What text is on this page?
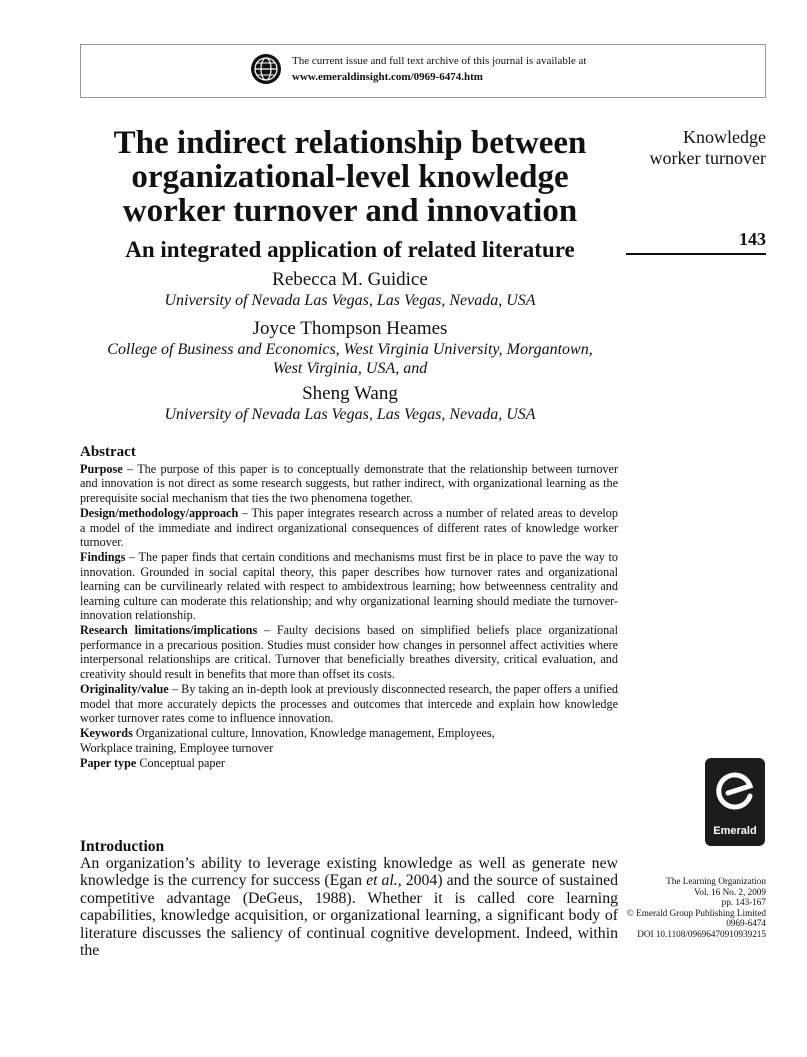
The current issue and full text archive of this journal is available at
www.emeraldinsight.com/0969-6474.htm
The indirect relationship between
organizational-level knowledge
worker turnover and innovation
An integrated application of related literature
Rebecca M. Guidice
University of Nevada Las Vegas, Las Vegas, Nevada, USA
Joyce Thompson Heames
College of Business and Economics, West Virginia University, Morgantown,
West Virginia, USA, and
Sheng Wang
University of Nevada Las Vegas, Las Vegas, Nevada, USA
Abstract

Purpose – The purpose of this paper is to conceptually demonstrate that the relationship between turnover and innovation is not direct as some research suggests, but rather indirect, with organizational learning as the prerequisite social mechanism that ties the two phenomena together.

Design/methodology/approach – This paper integrates research across a number of related areas to develop a model of the immediate and indirect organizational consequences of different rates of knowledge worker turnover.

Findings – The paper finds that certain conditions and mechanisms must first be in place to pave the way to innovation. Grounded in social capital theory, this paper describes how turnover rates and organizational learning can be curvilinearly related with respect to ambidextrous learning; how betweenness centrality and learning culture can moderate this relationship; and why organizational learning should mediate the turnover-innovation relationship.

Research limitations/implications – Faulty decisions based on simplified beliefs place organizational performance in a precarious position. Studies must consider how changes in personnel affect activities where interpersonal relationships are critical. Turnover that beneficially breathes diversity, critical evaluation, and creativity should result in benefits that more than offset its costs.

Originality/value – By taking an in-depth look at previously disconnected research, the paper offers a unified model that more accurately depicts the processes and outcomes that intercede and explain how knowledge worker turnover rates come to influence innovation.

Keywords Organizational culture, Innovation, Knowledge management, Employees,
Workplace training, Employee turnover

Paper type Conceptual paper

Introduction

An organization’s ability to leverage existing knowledge as well as generate new knowledge is the currency for success (Egan et al., 2004) and the source of sustained competitive advantage (DeGeus, 1988). Whether it is called core learning capabilities, knowledge acquisition, or organizational learning, a significant body of literature discusses the saliency of continual cognitive development. Indeed, within the

Knowledge
worker turnover
143
Emerald
The Learning Organization
Vol. 16 No. 2, 2009
pp. 143-167
© Emerald Group Publishing Limited
0969-6474
DOI 10.1108/09696470910939215
